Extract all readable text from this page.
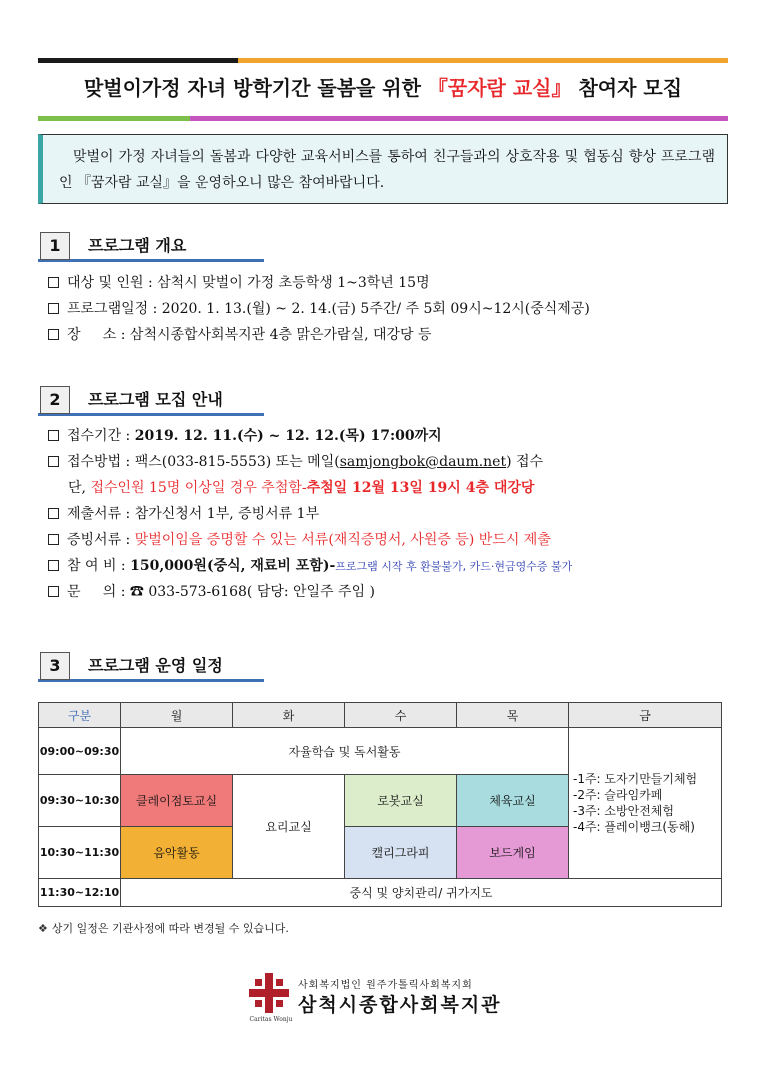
맞벌이가정 자녀 방학기간 돌봄을 위한 『꿈자람 교실』 참여자 모집
맞벌이 가정 자녀들의 돌봄과 다양한 교육서비스를 통하여 친구들과의 상호작용 및 협동심 향상 프로그램인 『꿈자람 교실』을 운영하오니 많은 참여바랍니다.
1	프로그램 개요
대상 및 인원 : 삼척시 맞벌이 가정 초등학생 1~3학년 15명
프로그램일정 : 2020. 1. 13.(월) ~ 2. 14.(금) 5주간/ 주 5회 09시~12시(중식제공)
장     소 : 삼척시종합사회복지관 4층 맑은가람실, 대강당 등
2	프로그램 모집 안내
접수기간 : 2019. 12. 11.(수) ~ 12. 12.(목) 17:00까지
접수방법 : 팩스(033-815-5553) 또는 메일(samjongbok@daum.net) 접수
단, 접수인원 15명 이상일 경우 추첨함-추첨일 12월 13일 19시 4층 대강당
제출서류 : 참가신청서 1부, 증빙서류 1부
증빙서류 : 맞벌이임을 증명할 수 있는 서류(재직증명서, 사원증 등) 반드시 제출
참 여 비 : 150,000원(중식, 재료비 포함)-프로그램 시작 후 환불불가, 카드·현금영수증 불가
문     의 : ☎ 033-573-6168( 담당: 안일주 주임 )
3	프로그램 운영 일정
구분	월	화	수	목	금
09:00~09:30	자율학습 및 독서활동				-1주: 도자기만들기체험
-2주: 슬라임카페
-3주: 소방안전체험
-4주: 플레이뱅크(동해)

09:30~10:30	클레이점토교실	요리교실	로봇교실	체육교실	
10:30~11:30	음악활동		캘리그라피	보드게임	
11:30~12:10	중식 및 양치관리/ 귀가지도				
❖ 상기 일정은 기관사정에 따라 변경될 수 있습니다.
Caritas Wonju
사회복지법인 원주가톨릭사회복지회
삼척시종합사회복지관
